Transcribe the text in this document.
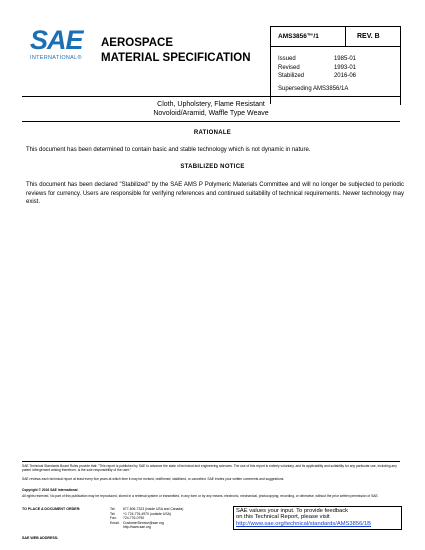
SAE
INTERNATIONAL®
AEROSPACE
MATERIAL SPECIFICATION
AMS3856™/1	REV. B
Issued	1985-01
Revised	1993-01
Stabilized	2016-06
Superseding AMS3856/1A
Cloth, Upholstery, Flame Resistant
Novoloid/Aramid, Waffle Type Weave
RATIONALE
This document has been determined to contain basic and stable technology which is not dynamic in nature.
STABILIZED NOTICE
This document has been declared "Stabilized" by the SAE AMS P Polymeric Materials Committee and will no longer be subjected to periodic reviews for currency. Users are responsible for verifying references and continued suitability of technical requirements. Newer technology may exist.
SAE Technical Standards Board Rules provide that: "This report is published by SAE to advance the state of technical and engineering sciences. The use of this report is entirely voluntary, and its applicability and suitability for any particular use, including any patent infringement arising therefrom, is the sole responsibility of the user."
SAE reviews each technical report at least every five years at which time it may be revised, reaffirmed, stabilized, or cancelled. SAE invites your written comments and suggestions.
Copyright © 2016 SAE International
All rights reserved. No part of this publication may be reproduced, stored in a retrieval system or transmitted, in any form or by any means, electronic, mechanical, photocopying, recording, or otherwise, without the prior written permission of SAE.
TO PLACE A DOCUMENT ORDER:	Tel:	877-606-7323 (inside USA and Canada)
Tel:	+1 724-776-4970 (outside USA)
Fax:	724-776-0790
Email:	CustomerService@sae.org
http://www.sae.org
SAE WEB ADDRESS:
SAE values your input. To provide feedback
on this Technical Report, please visit
http://www.sae.org/technical/standards/AMS3856/1B
